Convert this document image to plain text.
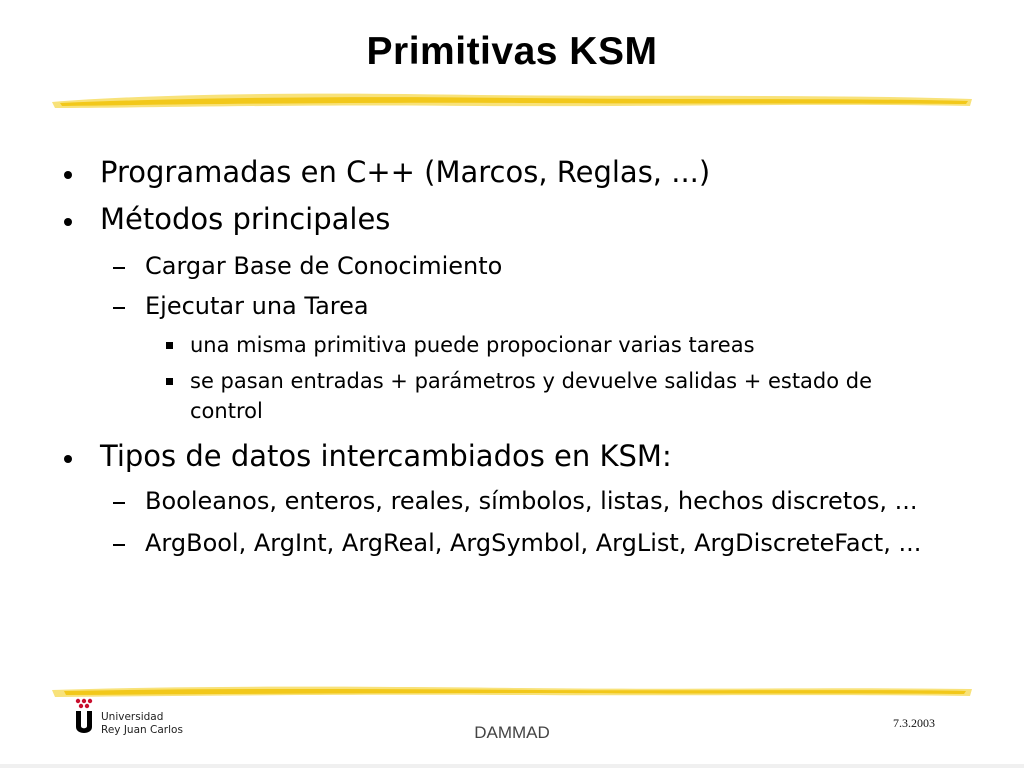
Primitivas KSM
Programadas en C++ (Marcos, Reglas, ...)
Métodos principales
Cargar Base de Conocimiento
Ejecutar una Tarea
una misma primitiva puede propocionar varias tareas
se pasan entradas + parámetros y devuelve salidas + estado de
control
Tipos de datos intercambiados en KSM:
Booleanos, enteros, reales, símbolos, listas, hechos discretos, ...
ArgBool, ArgInt, ArgReal, ArgSymbol, ArgList, ArgDiscreteFact, ...
Universidad
Rey Juan Carlos	DAMMAD	7.3.2003
